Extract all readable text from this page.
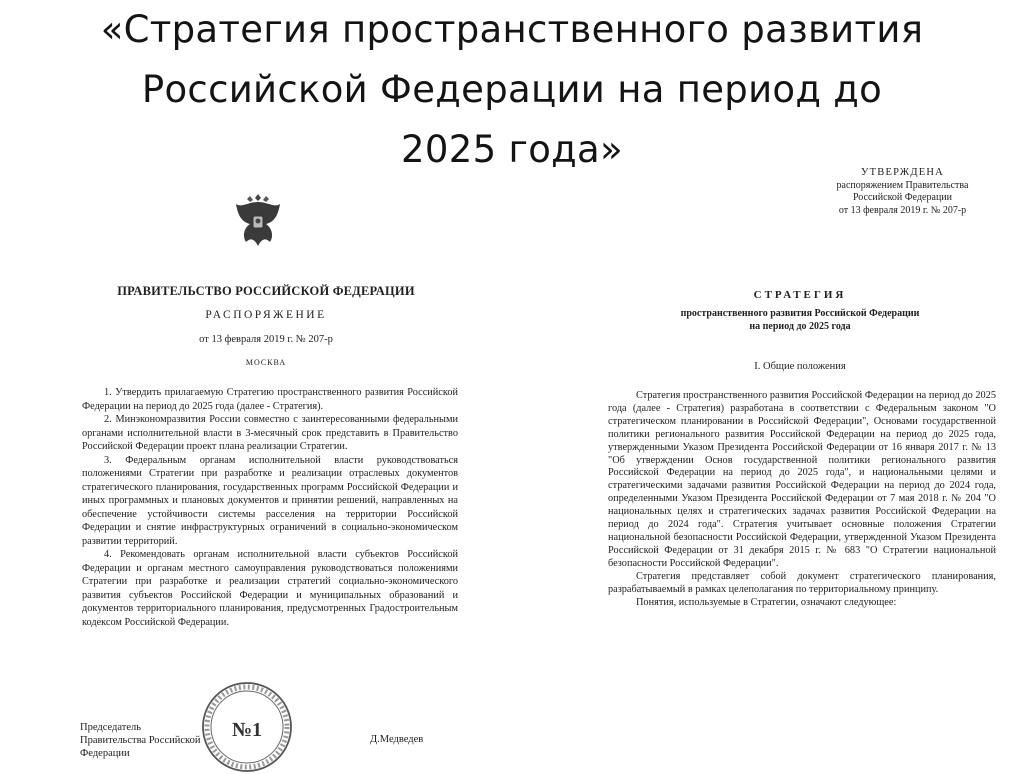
«Стратегия пространственного развития
Российской Федерации на период до
2025 года»
ПРАВИТЕЛЬСТВО РОССИЙСКОЙ ФЕДЕРАЦИИ
РАСПОРЯЖЕНИЕ
от 13 февраля 2019 г. № 207-р
МОСКВА

1. Утвердить прилагаемую Стратегию пространственного развития Российской Федерации на период до 2025 года (далее - Стратегия).

2. Минэкономразвития России совместно с заинтересованными федеральными органами исполнительной власти в 3-месячный срок представить в Правительство Российской Федерации проект плана реализации Стратегии.

3. Федеральным органам исполнительной власти руководствоваться положениями Стратегии при разработке и реализации отраслевых документов стратегического планирования, государственных программ Российской Федерации и иных программных и плановых документов и принятии решений, направленных на обеспечение устойчивости системы расселения на территории Российской Федерации и снятие инфраструктурных ограничений в социально-экономическом развитии территорий.

4. Рекомендовать органам исполнительной власти субъектов Российской Федерации и органам местного самоуправления руководствоваться положениями Стратегии при разработке и реализации стратегий социально-экономического развития субъектов Российской Федерации и муниципальных образований и документов территориального планирования, предусмотренных Градостроительным кодексом Российской Федерации.

Председатель Правительства Российской Федерации
№1	Д.Медведев
УТВЕРЖДЕНА
распоряжением Правительства
Российской Федерации
от 13 февраля 2019 г. № 207-р
СТРАТЕГИЯ
пространственного развития Российской Федерации
на период до 2025 года
I. Общие положения

Стратегия пространственного развития Российской Федерации на период до 2025 года (далее - Стратегия) разработана в соответствии с Федеральным законом "О стратегическом планировании в Российской Федерации", Основами государственной политики регионального развития Российской Федерации на период до 2025 года, утвержденными Указом Президента Российской Федерации от 16 января 2017 г. № 13 "Об утверждении Основ государственной политики регионального развития Российской Федерации на период до 2025 года", и национальными целями и стратегическими задачами развития Российской Федерации на период до 2024 года, определенными Указом Президента Российской Федерации от 7 мая 2018 г. № 204 "О национальных целях и стратегических задачах развития Российской Федерации на период до 2024 года". Стратегия учитывает основные положения Стратегии национальной безопасности Российской Федерации, утвержденной Указом Президента Российской Федерации от 31 декабря 2015 г. № 683 "О Стратегии национальной безопасности Российской Федерации".

Стратегия представляет собой документ стратегического планирования, разрабатываемый в рамках целеполагания по территориальному принципу.

Понятия, используемые в Стратегии, означают следующее:
